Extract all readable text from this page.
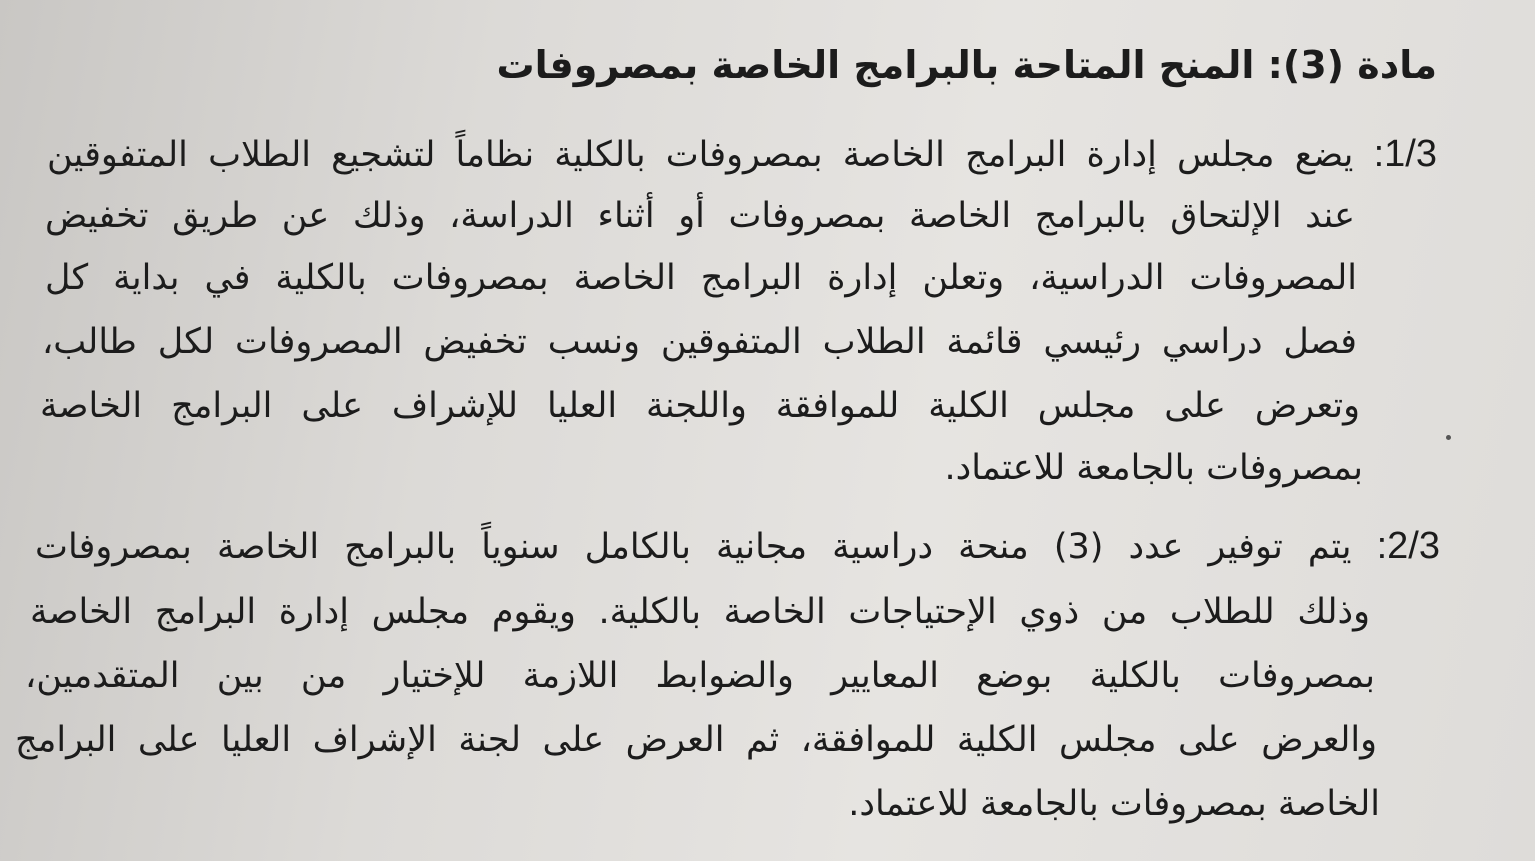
مادة (3): المنح المتاحة بالبرامج الخاصة بمصروفات
1/3: يضع مجلس إدارة البرامج الخاصة بمصروفات بالكلية نظاماً لتشجيع الطلاب المتفوقين
عند الإلتحاق بالبرامج الخاصة بمصروفات أو أثناء الدراسة، وذلك عن طريق تخفيض
المصروفات الدراسية، وتعلن إدارة البرامج الخاصة بمصروفات بالكلية في بداية كل
فصل دراسي رئيسي قائمة الطلاب المتفوقين ونسب تخفيض المصروفات لكل طالب،
وتعرض على مجلس الكلية للموافقة واللجنة العليا للإشراف على البرامج الخاصة
بمصروفات بالجامعة للاعتماد.
2/3: يتم توفير عدد (3) منحة دراسية مجانية بالكامل سنوياً بالبرامج الخاصة بمصروفات
وذلك للطلاب من ذوي الإحتياجات الخاصة بالكلية. ويقوم مجلس إدارة البرامج الخاصة
بمصروفات بالكلية بوضع المعايير والضوابط اللازمة للإختيار من بين المتقدمين،
والعرض على مجلس الكلية للموافقة، ثم العرض على لجنة الإشراف العليا على البرامج
الخاصة بمصروفات بالجامعة للاعتماد.
